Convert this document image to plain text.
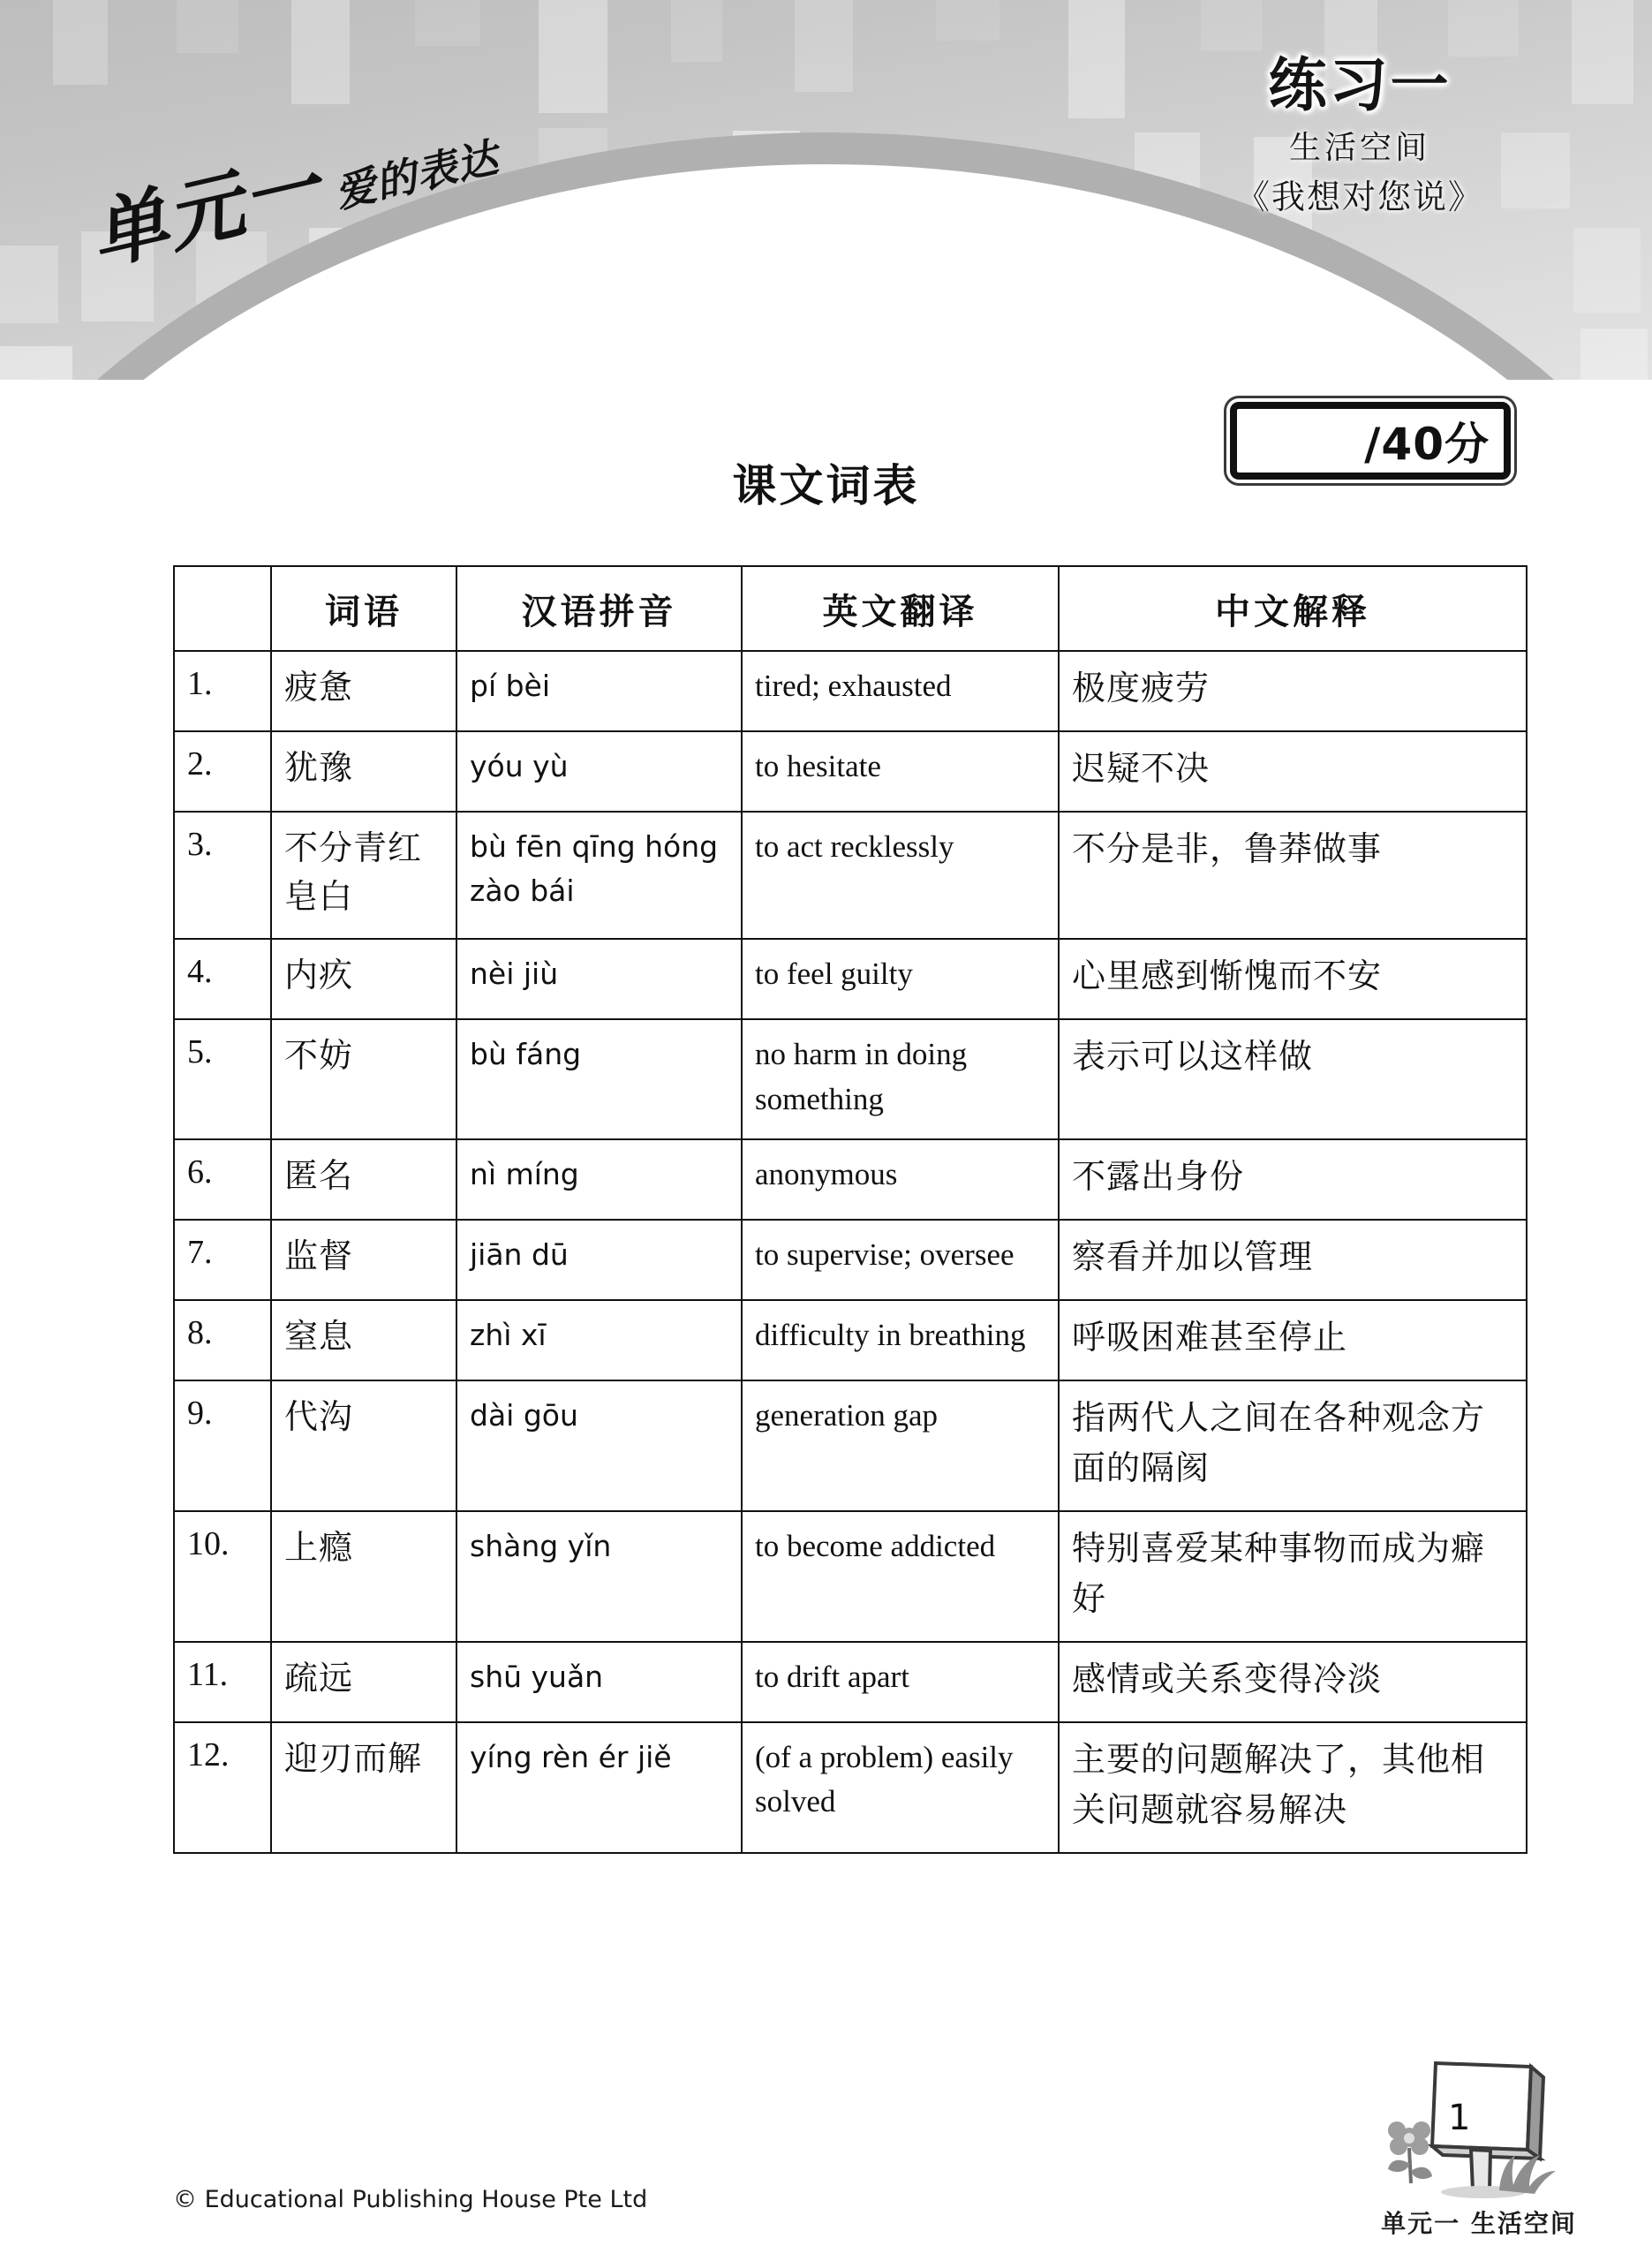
单元一 爱的表达
练习一
生活空间
《我想对您说》
/40分
课文词表
	词语	汉语拼音	英文翻译	中文解释
1.	疲惫	pí bèi	tired; exhausted	极度疲劳
2.	犹豫	yóu yù	to hesitate	迟疑不决
3.	不分青红皂白	bù fēn qīng hóng zào bái	to act recklessly	不分是非，鲁莽做事
4.	内疚	nèi jiù	to feel guilty	心里感到惭愧而不安
5.	不妨	bù fáng	no harm in doing something	表示可以这样做
6.	匿名	nì míng	anonymous	不露出身份
7.	监督	jiān dū	to supervise; oversee	察看并加以管理
8.	窒息	zhì xī	difficulty in breathing	呼吸困难甚至停止
9.	代沟	dài gōu	generation gap	指两代人之间在各种观念方面的隔阂
10.	上瘾	shàng yǐn	to become addicted	特别喜爱某种事物而成为癖好
11.	疏远	shū yuǎn	to drift apart	感情或关系变得冷淡
12.	迎刃而解	yíng rèn ér jiě	(of a problem) easily solved	主要的问题解决了，其他相关问题就容易解决
© Educational Publishing House Pte Ltd
1
单元一 生活空间
